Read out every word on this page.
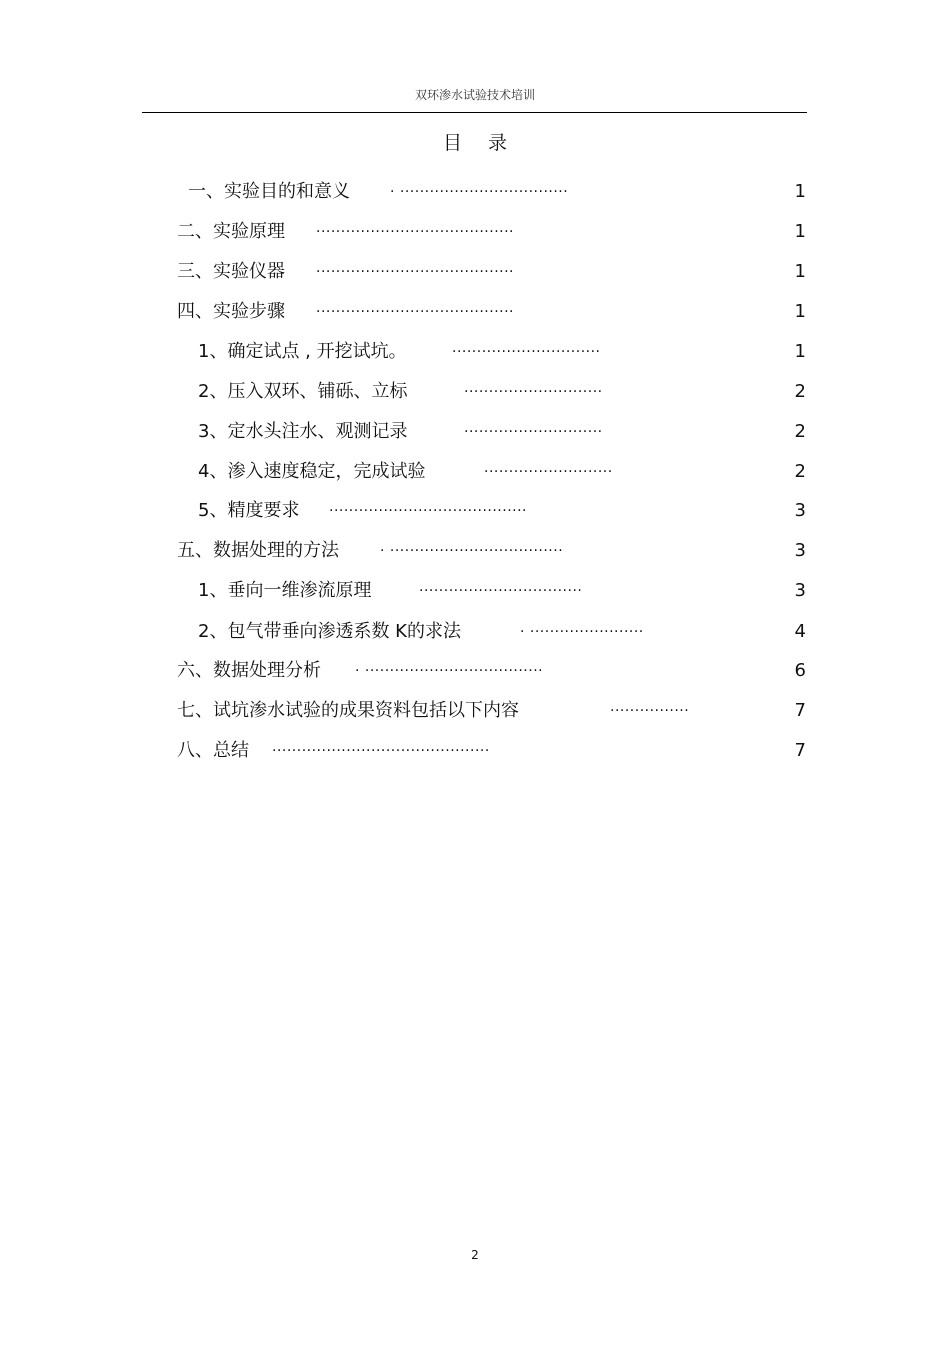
双环渗水试验技术培训
目录
一、实验目的和意义	. ..................................	1
二、实验原理 ........................................	1
三、实验仪器 ........................................	1
四、实验步骤 ........................................	1
1、确定试点 , 开挖试坑。	..............................	1
2、压入双环、铺砾、立标	............................	2
3、定水头注水、观测记录	............................	2
4、渗入速度稳定，完成试验	..........................	2
5、精度要求 ........................................	3
五、数据处理的方法	. ...................................	3
1、垂向一维渗流原理	.................................	3
2、包气带垂向渗透系数 K的求法	. .......................	4
六、数据处理分析 . ....................................	6
七、试坑渗水试验的成果资料包括以下内容	................	7
八、总结 ............................................	7
2
